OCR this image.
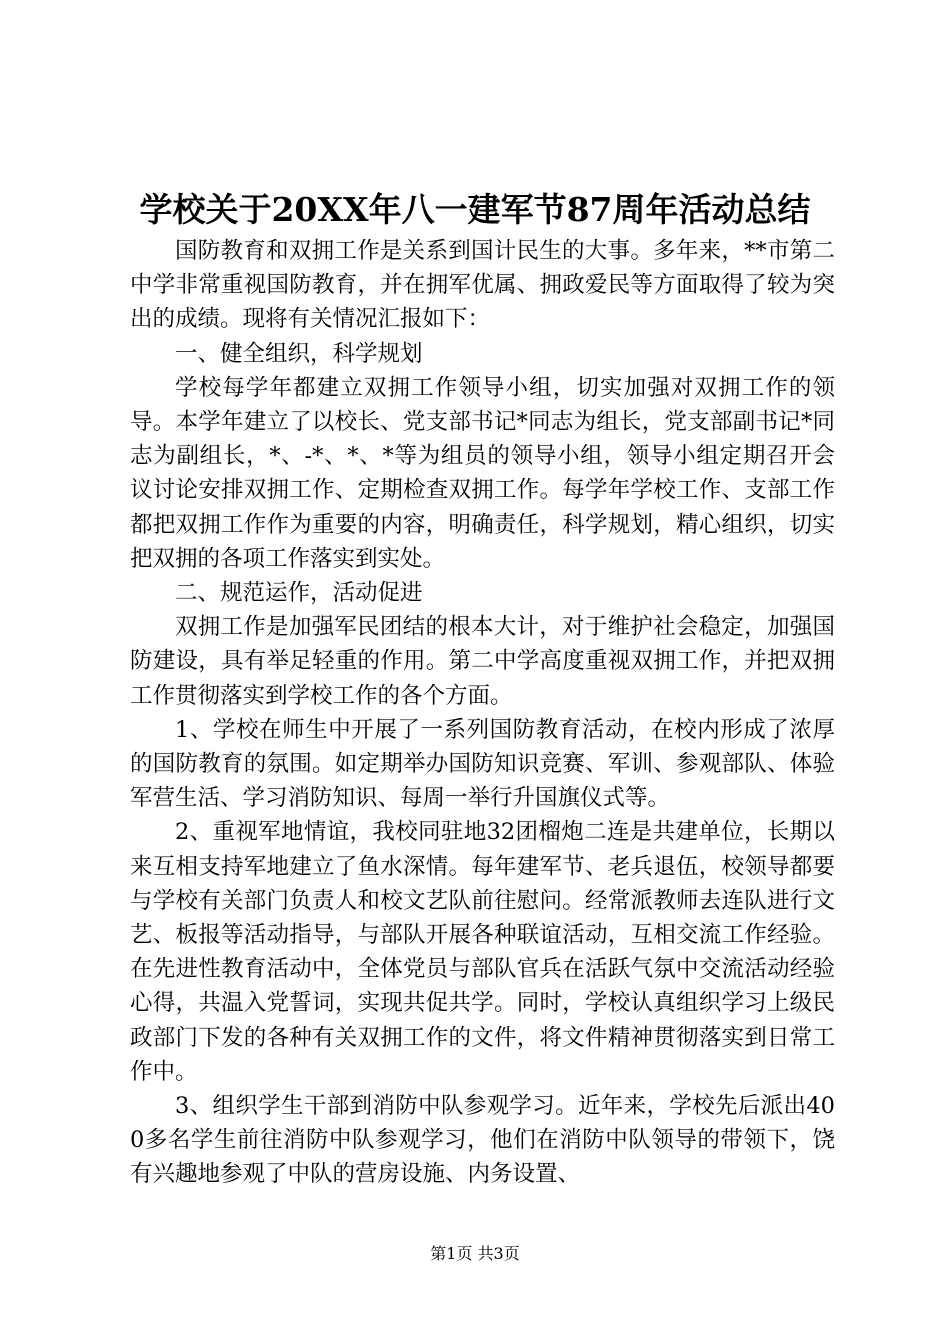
学校关于20XX年八一建军节87周年活动总结

国防教育和双拥工作是关系到国计民生的大事。多年来，**市第二中学非常重视国防教育，并在拥军优属、拥政爱民等方面取得了较为突出的成绩。现将有关情况汇报如下：

一、健全组织，科学规划

学校每学年都建立双拥工作领导小组，切实加强对双拥工作的领导。本学年建立了以校长、党支部书记*同志为组长，党支部副书记*同志为副组长，*、-*、*、*等为组员的领导小组，领导小组定期召开会议讨论安排双拥工作、定期检查双拥工作。每学年学校工作、支部工作都把双拥工作作为重要的内容，明确责任，科学规划，精心组织，切实把双拥的各项工作落实到实处。

二、规范运作，活动促进

双拥工作是加强军民团结的根本大计，对于维护社会稳定，加强国防建设，具有举足轻重的作用。第二中学高度重视双拥工作，并把双拥工作贯彻落实到学校工作的各个方面。

1、学校在师生中开展了一系列国防教育活动，在校内形成了浓厚的国防教育的氛围。如定期举办国防知识竞赛、军训、参观部队、体验军营生活、学习消防知识、每周一举行升国旗仪式等。

2、重视军地情谊，我校同驻地32团榴炮二连是共建单位，长期以来互相支持军地建立了鱼水深情。每年建军节、老兵退伍，校领导都要与学校有关部门负责人和校文艺队前往慰问。经常派教师去连队进行文艺、板报等活动指导，与部队开展各种联谊活动，互相交流工作经验。在先进性教育活动中，全体党员与部队官兵在活跃气氛中交流活动经验心得，共温入党誓词，实现共促共学。同时，学校认真组织学习上级民政部门下发的各种有关双拥工作的文件，将文件精神贯彻落实到日常工作中。

3、组织学生干部到消防中队参观学习。近年来，学校先后派出400多名学生前往消防中队参观学习，他们在消防中队领导的带领下，饶有兴趣地参观了中队的营房设施、内务设置、

第1页 共3页
